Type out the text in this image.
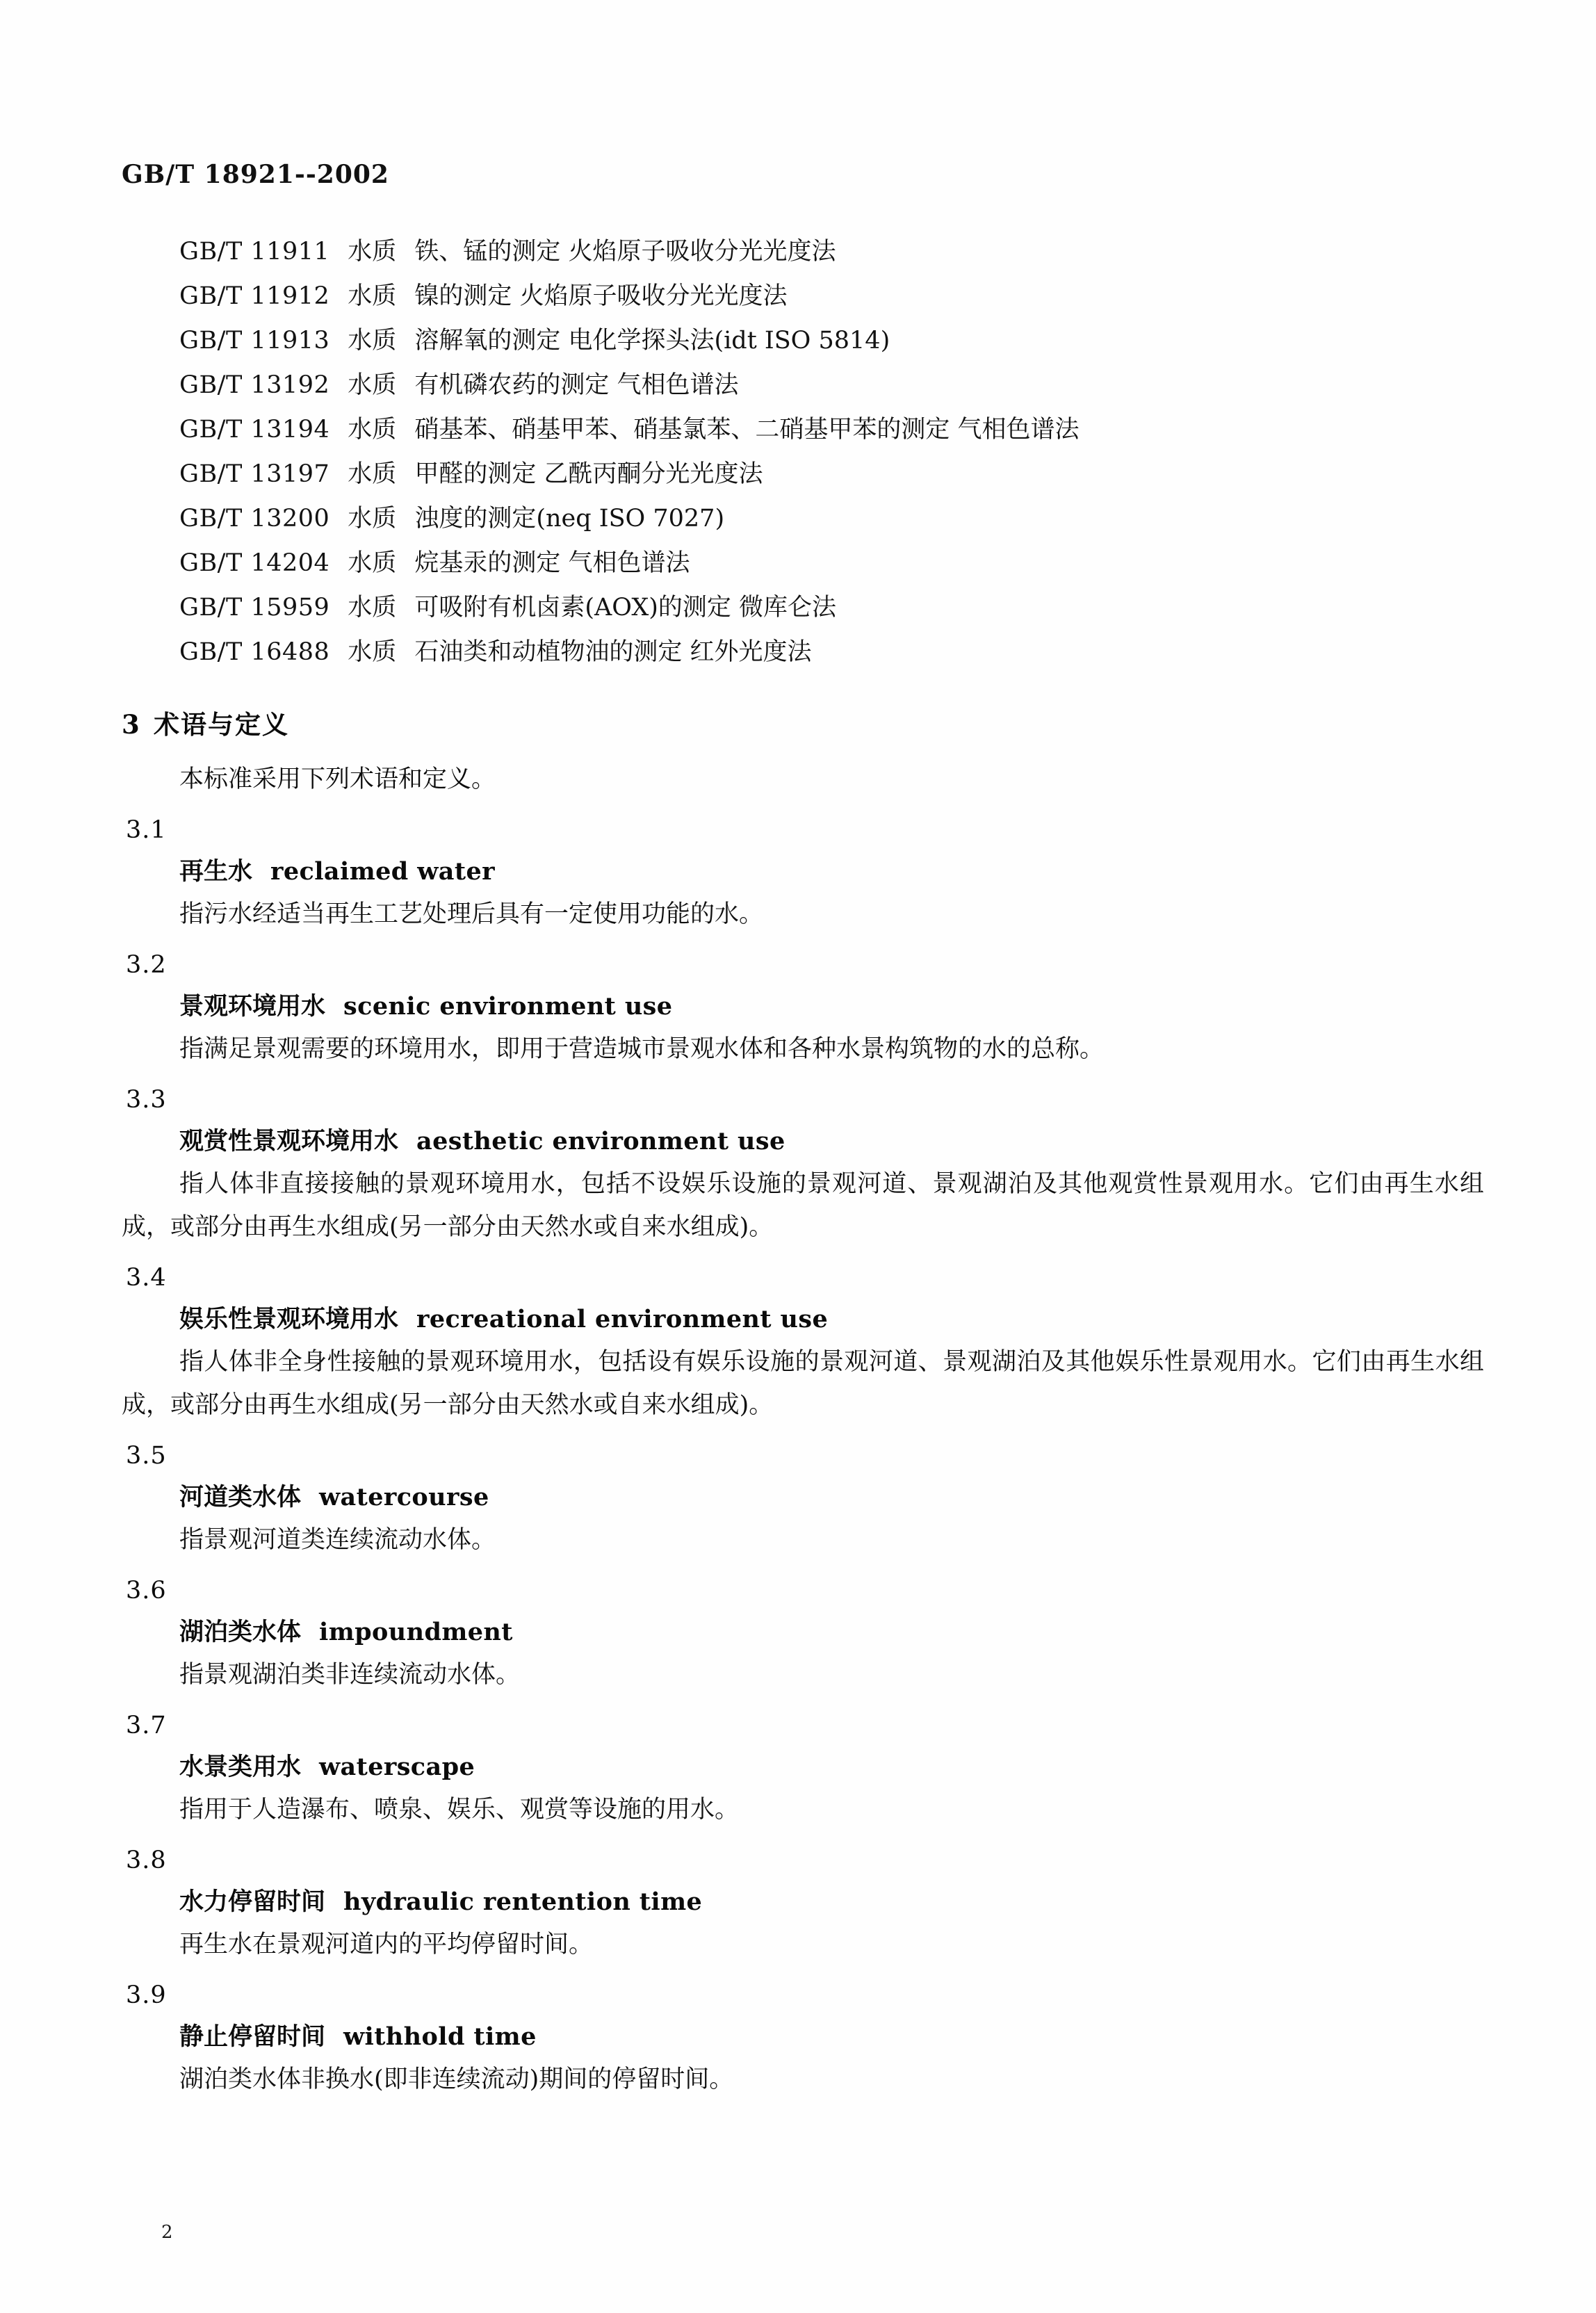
GB/T 18921--2002
GB/T 11911 水质 铁、锰的测定 火焰原子吸收分光光度法
GB/T 11912 水质 镍的测定 火焰原子吸收分光光度法
GB/T 11913 水质 溶解氧的测定 电化学探头法(idt ISO 5814)
GB/T 13192 水质 有机磷农药的测定 气相色谱法
GB/T 13194 水质 硝基苯、硝基甲苯、硝基氯苯、二硝基甲苯的测定 气相色谱法
GB/T 13197 水质 甲醛的测定 乙酰丙酮分光光度法
GB/T 13200 水质 浊度的测定(neq ISO 7027)
GB/T 14204 水质 烷基汞的测定 气相色谱法
GB/T 15959 水质 可吸附有机卤素(AOX)的测定 微库仑法
GB/T 16488 水质 石油类和动植物油的测定 红外光度法
3 术语与定义
本标准采用下列术语和定义。
3.1
再生水 reclaimed water
指污水经适当再生工艺处理后具有一定使用功能的水。
3.2
景观环境用水 scenic environment use
指满足景观需要的环境用水，即用于营造城市景观水体和各种水景构筑物的水的总称。
3.3
观赏性景观环境用水 aesthetic environment use
指人体非直接接触的景观环境用水，包括不设娱乐设施的景观河道、景观湖泊及其他观赏性景观用水。它们由再生水组成，或部分由再生水组成(另一部分由天然水或自来水组成)。
3.4
娱乐性景观环境用水 recreational environment use
指人体非全身性接触的景观环境用水，包括设有娱乐设施的景观河道、景观湖泊及其他娱乐性景观用水。它们由再生水组成，或部分由再生水组成(另一部分由天然水或自来水组成)。
3.5
河道类水体 watercourse
指景观河道类连续流动水体。
3.6
湖泊类水体 impoundment
指景观湖泊类非连续流动水体。
3.7
水景类用水 waterscape
指用于人造瀑布、喷泉、娱乐、观赏等设施的用水。
3.8
水力停留时间 hydraulic rentention time
再生水在景观河道内的平均停留时间。
3.9
静止停留时间 withhold time
湖泊类水体非换水(即非连续流动)期间的停留时间。
2
